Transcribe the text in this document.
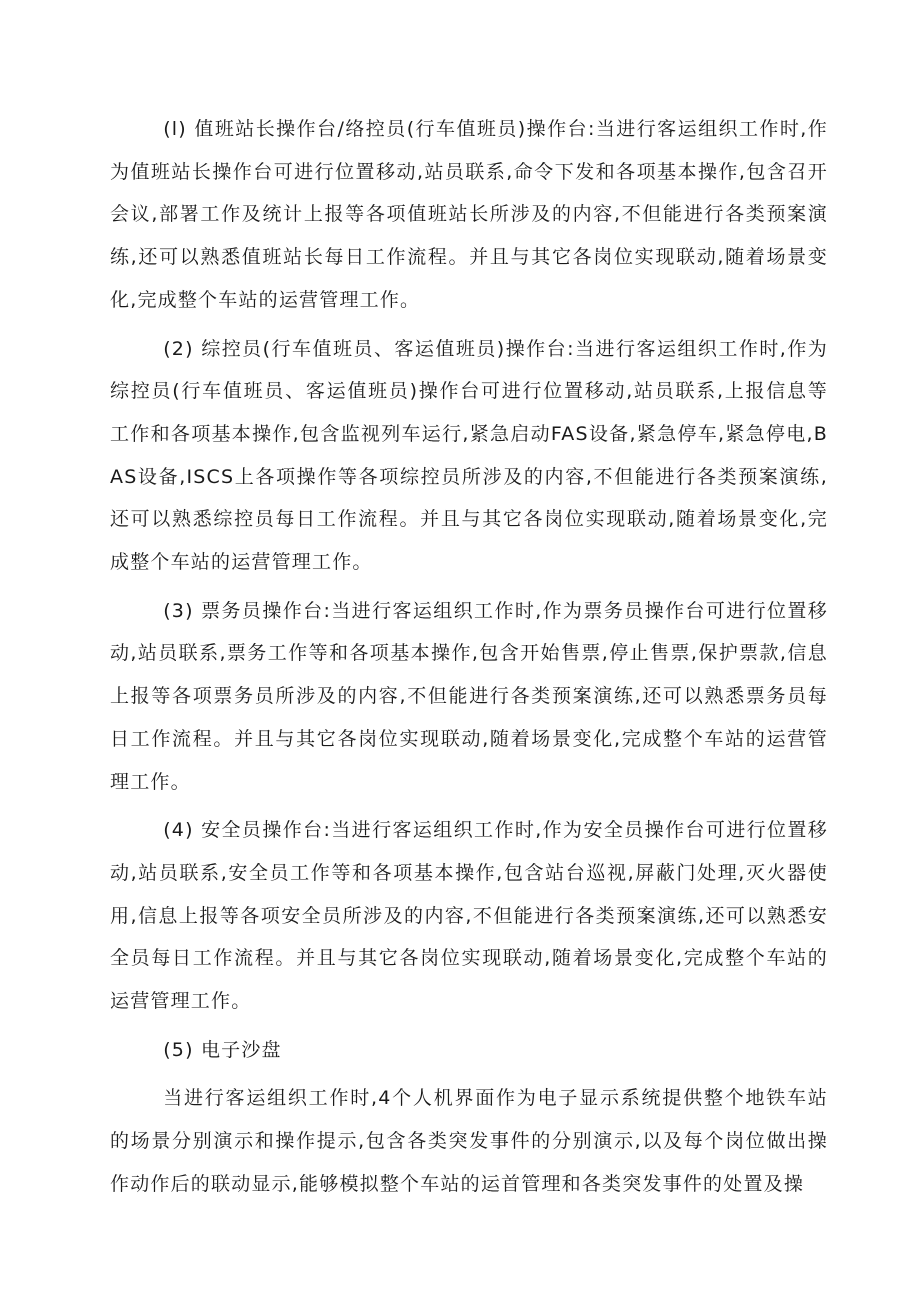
(l) 值班站长操作台/络控员(行车值班员)操作台:当进行客运组织工作时,作为值班站长操作台可进行位置移动,站员联系,命令下发和各项基本操作,包含召开会议,部署工作及统计上报等各项值班站长所涉及的内容,不但能进行各类预案演练,还可以熟悉值班站长每日工作流程。并且与其它各岗位实现联动,随着场景变化,完成整个车站的运营管理工作。

(2) 综控员(行车值班员、客运值班员)操作台:当进行客运组织工作时,作为综控员(行车值班员、客运值班员)操作台可进行位置移动,站员联系,上报信息等工作和各项基本操作,包含监视列车运行,紧急启动FAS设备,紧急停车,紧急停电,BAS设备,ISCS上各项操作等各项综控员所涉及的内容,不但能进行各类预案演练,还可以熟悉综控员每日工作流程。并且与其它各岗位实现联动,随着场景变化,完成整个车站的运营管理工作。

(3) 票务员操作台:当进行客运组织工作时,作为票务员操作台可进行位置移动,站员联系,票务工作等和各项基本操作,包含开始售票,停止售票,保护票款,信息上报等各项票务员所涉及的内容,不但能进行各类预案演练,还可以熟悉票务员每日工作流程。并且与其它各岗位实现联动,随着场景变化,完成整个车站的运营管理工作。

(4) 安全员操作台:当进行客运组织工作时,作为安全员操作台可进行位置移动,站员联系,安全员工作等和各项基本操作,包含站台巡视,屏蔽门处理,灭火器使用,信息上报等各项安全员所涉及的内容,不但能进行各类预案演练,还可以熟悉安全员每日工作流程。并且与其它各岗位实现联动,随着场景变化,完成整个车站的运营管理工作。

(5) 电子沙盘

当进行客运组织工作时,4个人机界面作为电子显示系统提供整个地铁车站的场景分别演示和操作提示,包含各类突发事件的分别演示,以及每个岗位做出操作动作后的联动显示,能够模拟整个车站的运首管理和各类突发事件的处置及操
